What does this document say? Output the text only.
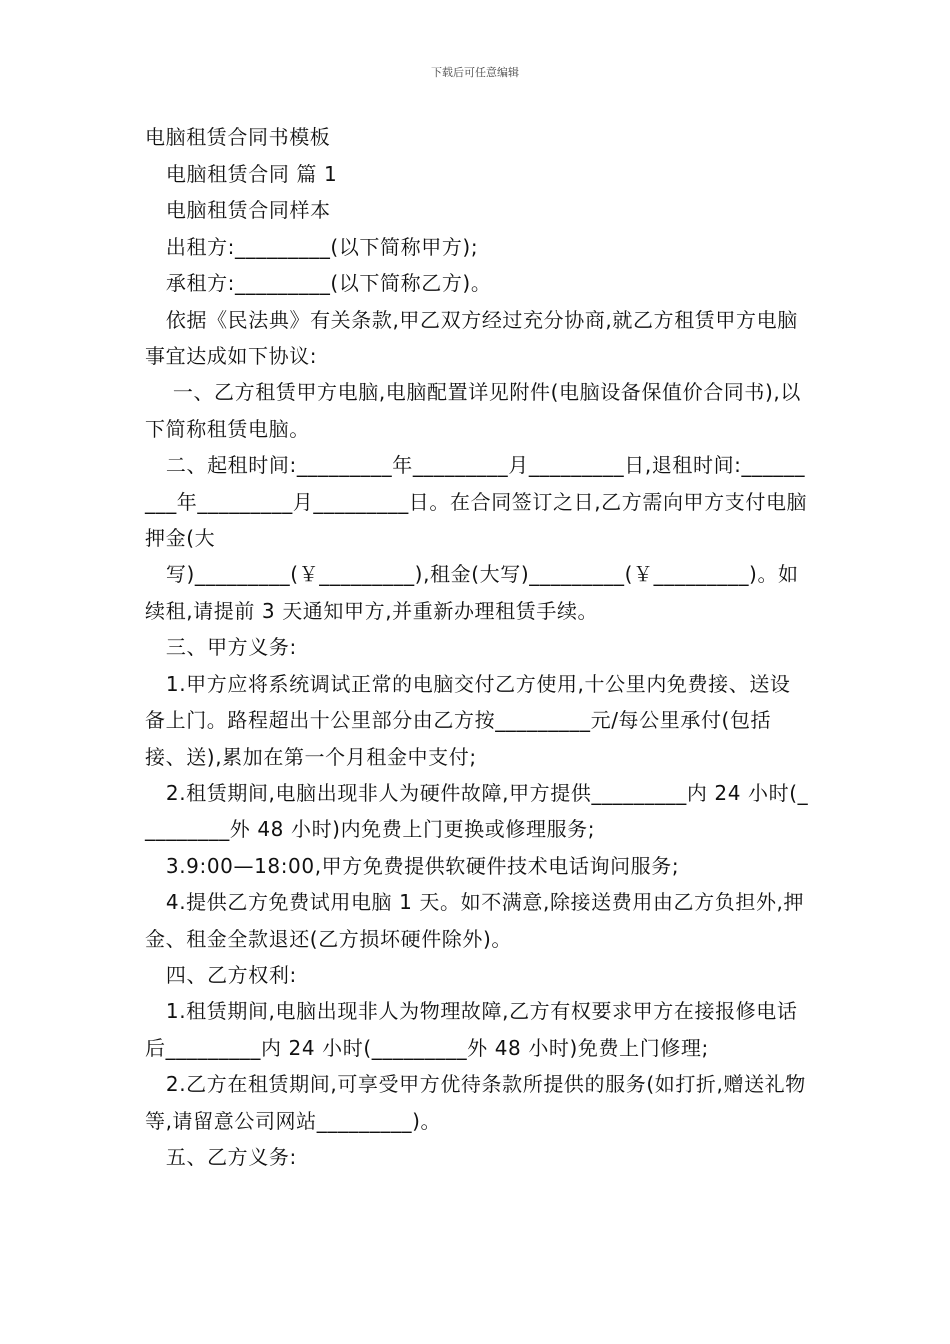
下载后可任意编辑

电脑租赁合同书模板

电脑租赁合同 篇 1

电脑租赁合同样本

出租方:_________(以下简称甲方);

承租方:_________(以下简称乙方)。

依据《民法典》有关条款,甲乙双方经过充分协商,就乙方租赁甲方电脑事宜达成如下协议:

一、乙方租赁甲方电脑,电脑配置详见附件(电脑设备保值价合同书),以下简称租赁电脑。

二、起租时间:_________年_________月_________日,退租时间:_________年_________月_________日。在合同签订之日,乙方需向甲方支付电脑押金(大

写)_________(￥_________),租金(大写)_________(￥_________)。如续租,请提前 3 天通知甲方,并重新办理租赁手续。

三、甲方义务:

1.甲方应将系统调试正常的电脑交付乙方使用,十公里内免费接、送设备上门。路程超出十公里部分由乙方按_________元/每公里承付(包括接、送),累加在第一个月租金中支付;

2.租赁期间,电脑出现非人为硬件故障,甲方提供_________内 24 小时(_________外 48 小时)内免费上门更换或修理服务;

3.9:00—18:00,甲方免费提供软硬件技术电话询问服务;

4.提供乙方免费试用电脑 1 天。如不满意,除接送费用由乙方负担外,押金、租金全款退还(乙方损坏硬件除外)。

四、乙方权利:

1.租赁期间,电脑出现非人为物理故障,乙方有权要求甲方在接报修电话后_________内 24 小时(_________外 48 小时)免费上门修理;

2.乙方在租赁期间,可享受甲方优待条款所提供的服务(如打折,赠送礼物等,请留意公司网站_________)。

五、乙方义务:
